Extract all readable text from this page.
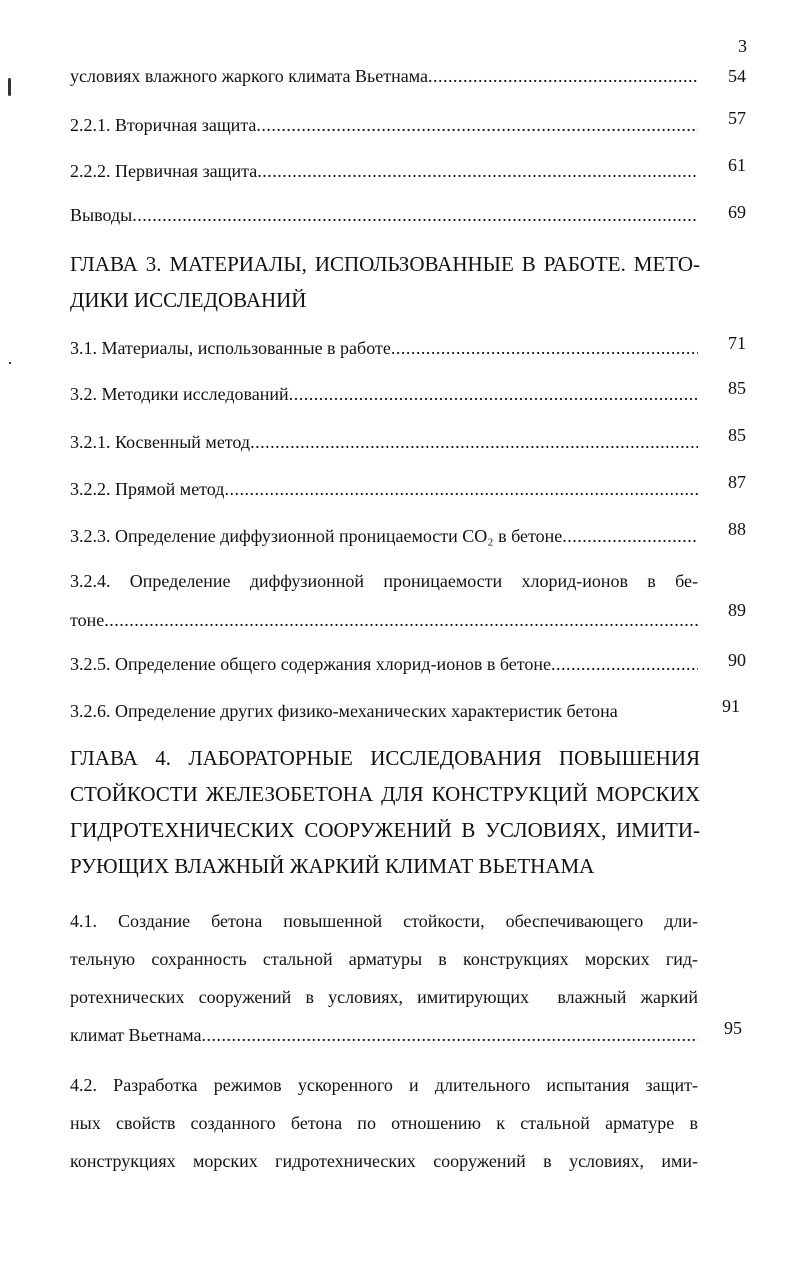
3
условиях влажного жаркого климата Вьетнама .....	54
2.2.1. Вторичная защита .....	57
2.2.2. Первичная защита .....	61
Выводы .....	69
ГЛАВА 3. МАТЕРИАЛЫ, ИСПОЛЬЗОВАННЫЕ В РАБОТЕ. МЕТО-
ДИКИ ИССЛЕДОВАНИЙ
3.1. Материалы, использованные в работе .....	71
3.2. Методики исследований .....	85
3.2.1. Косвенный метод .....	85
3.2.2. Прямой метод .....	87
3.2.3. Определение диффузионной проницаемости CO₂ в бетоне .....	88
3.2.4. Определение диффузионной проницаемости хлорид-ионов в бе-
тоне .....	89
3.2.5. Определение общего содержания хлорид-ионов в бетоне .....	90
3.2.6. Определение других физико-механических характеристик бетона	91
ГЛАВА 4. ЛАБОРАТОРНЫЕ ИССЛЕДОВАНИЯ ПОВЫШЕНИЯ
СТОЙКОСТИ ЖЕЛЕЗОБЕТОНА ДЛЯ КОНСТРУКЦИЙ МОРСКИХ
ГИДРОТЕХНИЧЕСКИХ СООРУЖЕНИЙ В УСЛОВИЯХ, ИМИТИ-
РУЮЩИХ ВЛАЖНЫЙ ЖАРКИЙ КЛИМАТ ВЬЕТНАМА
4.1. Создание бетона повышенной стойкости, обеспечивающего дли-
тельную сохранность стальной арматуры в конструкциях морских гид-
ротехнических сооружений в условиях, имитирующих  влажный жаркий
климат Вьетнама .....	95
4.2. Разработка режимов ускоренного и длительного испытания защит-
ных свойств созданного бетона по отношению к стальной арматуре в
конструкциях морских гидротехнических сооружений в условиях, ими-
